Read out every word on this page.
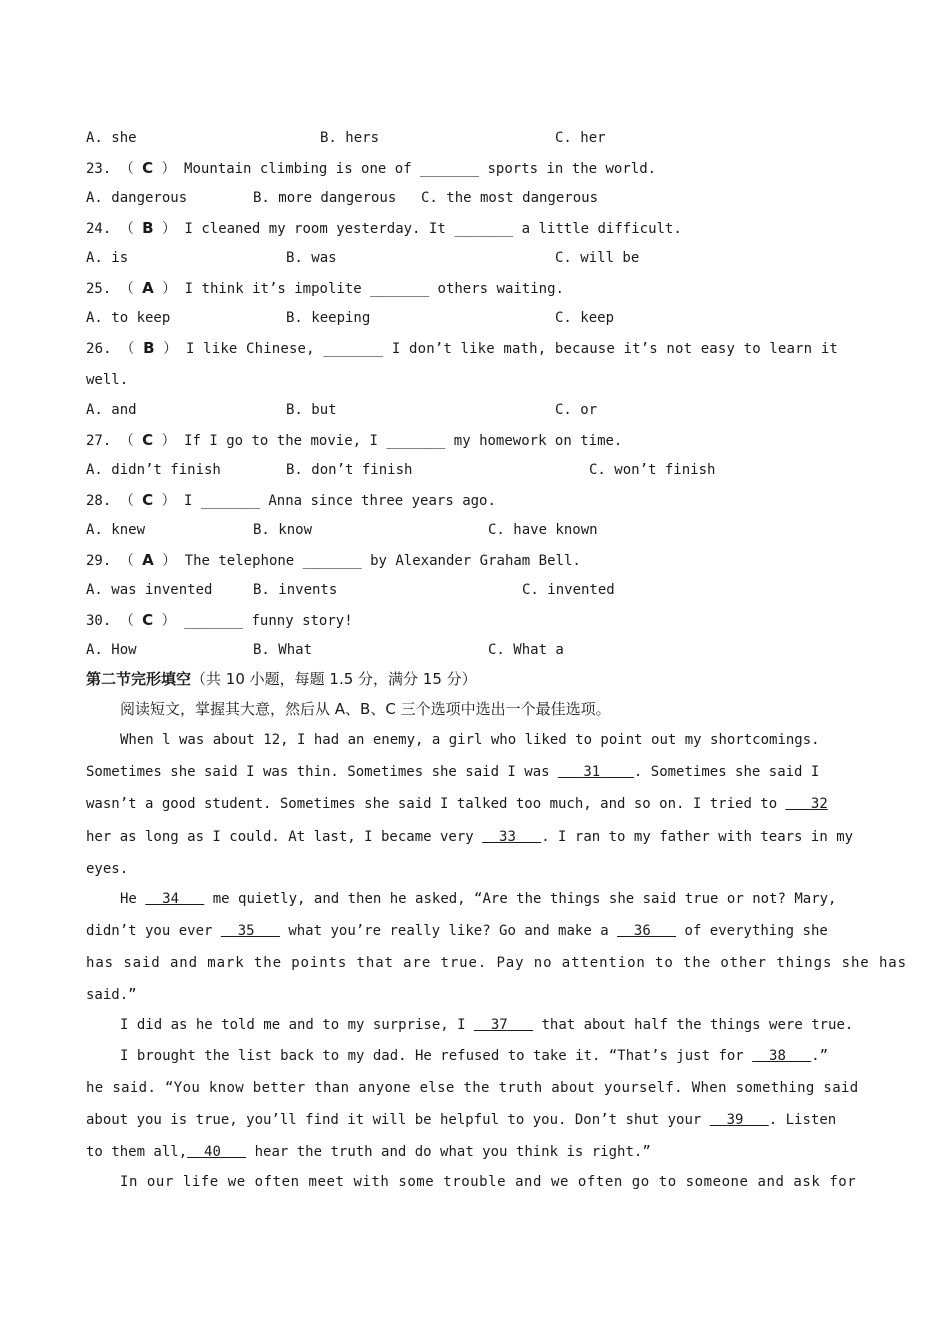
A. she	B. hers	C. her
23. （ C ） Mountain climbing is one of _______ sports in the world.
A. dangerous	B. more dangerous C. the most dangerous
24. （ B ） I cleaned my room yesterday. It _______ a little difficult.
A. is	B. was	C. will be
25. （ A ） I think it’s impolite _______ others waiting.
A. to keep	B. keeping	C. keep
26. （ B ） I like Chinese, _______ I don’t like math, because it’s not easy to learn it
well.
A. and	B. but	C. or
27. （ C ） If I go to the movie, I _______ my homework on time.
A. didn’t finish	B. don’t finish	C. won’t finish
28. （ C ） I _______ Anna since three years ago.
A. knew	B. know	C. have known
29. （ A ） The telephone _______ by Alexander Graham Bell.
A. was invented	B. invents	C. invented
30. （ C ） _______ funny story!
A. How	B. What	C. What a
第二节完形填空（共 10 小题，每题 1.5 分，满分 15 分）
阅读短文，掌握其大意，然后从 A、B、C 三个选项中选出一个最佳选项。
When l was about 12, I had an enemy, a girl who liked to point out my shortcomings.
Sometimes she said I was thin. Sometimes she said I was 31 . Sometimes she said I
wasn’t a good student. Sometimes she said I talked too much, and so on. I tried to 32
her as long as I could. At last, I became very 33 . I ran to my father with tears in my
eyes.
He 34 me quietly, and then he asked, “Are the things she said true or not? Mary,
didn’t you ever 35 what you’re really like? Go and make a 36 of everything she
has said and mark the points that are true. Pay no attention to the other things she has
said.”
I did as he told me and to my surprise, I 37 that about half the things were true.
I brought the list back to my dad. He refused to take it. “That’s just for 38 .”
he said. “You know better than anyone else the truth about yourself. When something said
about you is true, you’ll find it will be helpful to you. Don’t shut your 39 . Listen
to them all, 40 hear the truth and do what you think is right.”
In our life we often meet with some trouble and we often go to someone and ask for
